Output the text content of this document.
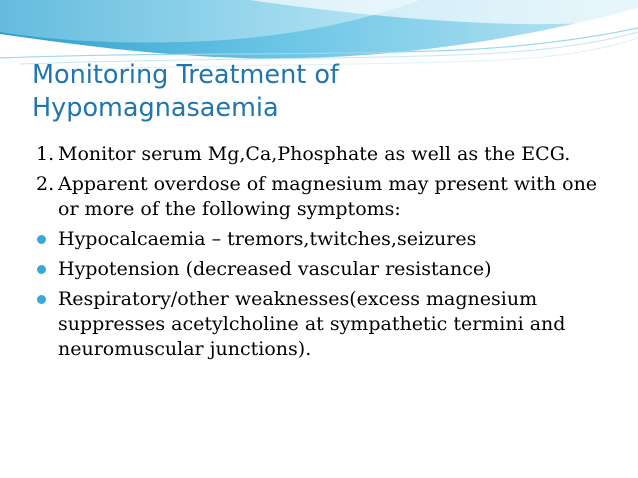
Monitoring Treatment of
Hypomagnasaemia
1. Monitor serum Mg,Ca,Phosphate as well as the ECG.
2. Apparent overdose of magnesium may present with one or more of the following symptoms:
Hypocalcaemia – tremors,twitches,seizures
Hypotension (decreased vascular resistance)
Respiratory/other weaknesses(excess magnesium suppresses acetylcholine at sympathetic termini and neuromuscular junctions).
